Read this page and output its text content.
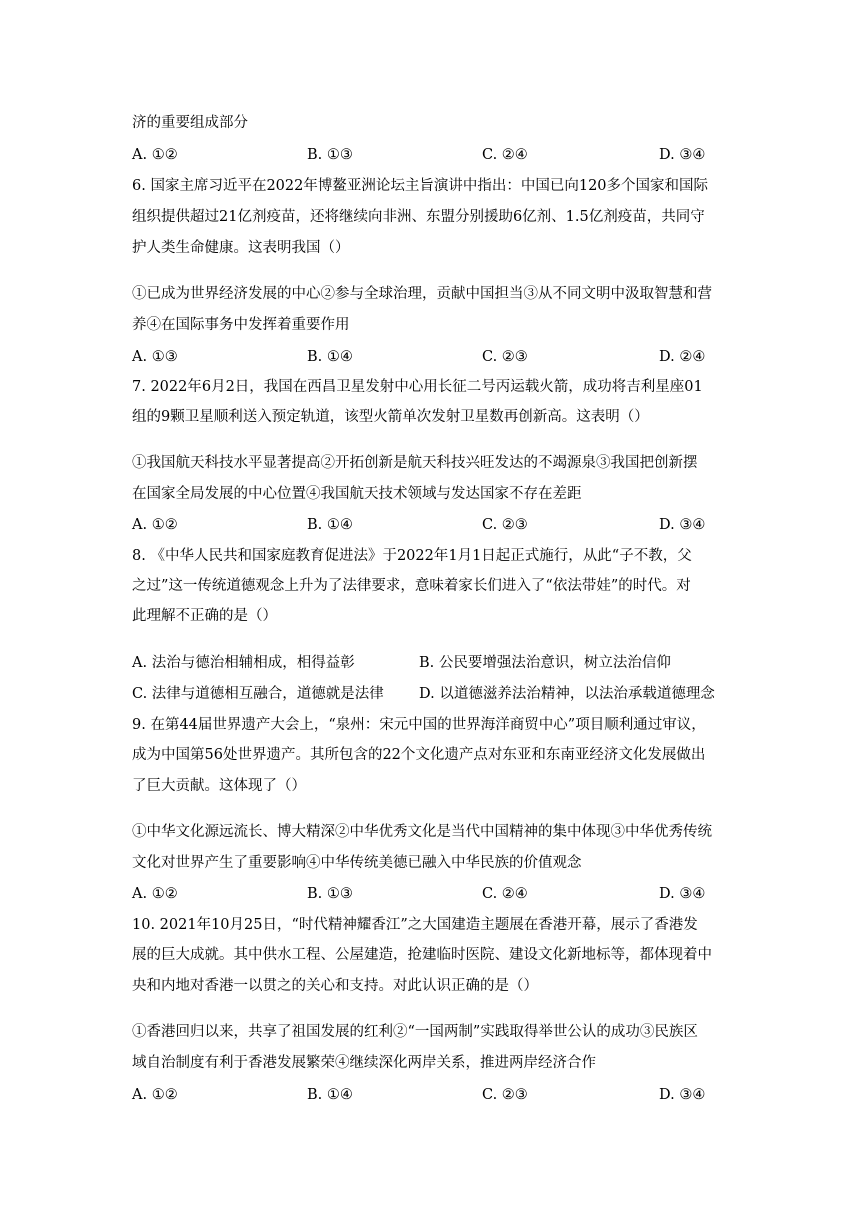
济的重要组成部分
A. ①②	B. ①③	C. ②④	D. ③④
6. 国家主席习近平在2022年博鳌亚洲论坛主旨演讲中指出：中国已向120多个国家和国际
组织提供超过21亿剂疫苗，还将继续向非洲、东盟分别援助6亿剂、1.5亿剂疫苗，共同守
护人类生命健康。这表明我国（）
①已成为世界经济发展的中心②参与全球治理，贡献中国担当③从不同文明中汲取智慧和营
养④在国际事务中发挥着重要作用
A. ①③	B. ①④	C. ②③	D. ②④
7. 2022年6月2日，我国在西昌卫星发射中心用长征二号丙运载火箭，成功将吉利星座01
组的9颗卫星顺利送入预定轨道，该型火箭单次发射卫星数再创新高。这表明（）
①我国航天科技水平显著提高②开拓创新是航天科技兴旺发达的不竭源泉③我国把创新摆
在国家全局发展的中心位置④我国航天技术领域与发达国家不存在差距
A. ①②	B. ①④	C. ②③	D. ③④
8. 《中华人民共和国家庭教育促进法》于2022年1月1日起正式施行，从此“子不教，父
之过”这一传统道德观念上升为了法律要求，意味着家长们进入了“依法带娃”的时代。对
此理解不正确的是（）
A. 法治与德治相辅相成，相得益彰	B. 公民要增强法治意识，树立法治信仰
C. 法律与道德相互融合，道德就是法律 D. 以道德滋养法治精神，以法治承载道德理念
9. 在第44届世界遗产大会上，“泉州：宋元中国的世界海洋商贸中心”项目顺利通过审议，
成为中国第56处世界遗产。其所包含的22个文化遗产点对东亚和东南亚经济文化发展做出
了巨大贡献。这体现了（）
①中华文化源远流长、博大精深②中华优秀文化是当代中国精神的集中体现③中华优秀传统
文化对世界产生了重要影响④中华传统美德已融入中华民族的价值观念
A. ①②	B. ①③	C. ②④	D. ③④
10. 2021年10月25日，“时代精神耀香江”之大国建造主题展在香港开幕，展示了香港发
展的巨大成就。其中供水工程、公屋建造，抢建临时医院、建设文化新地标等，都体现着中
央和内地对香港一以贯之的关心和支持。对此认识正确的是（）
①香港回归以来，共享了祖国发展的红利②“一国两制”实践取得举世公认的成功③民族区
域自治制度有利于香港发展繁荣④继续深化两岸关系，推进两岸经济合作
A. ①②	B. ①④	C. ②③	D. ③④
